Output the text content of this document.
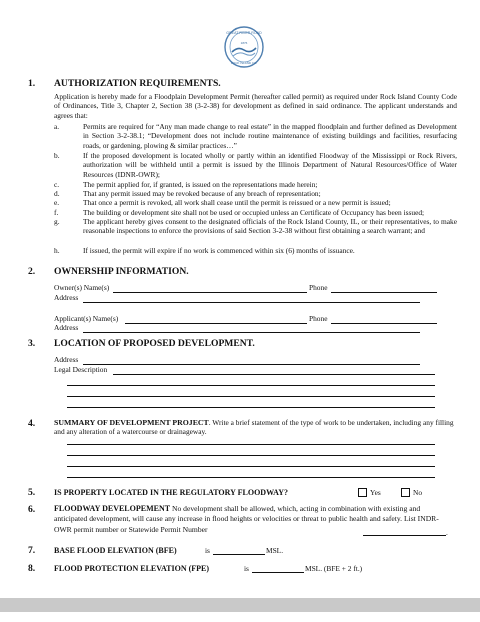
GREAT RIVER ROAD
1876
ROCK ISLAND CO.
1. AUTHORIZATION REQUIREMENTS.
Application is hereby made for a Floodplain Development Permit (hereafter called permit) as required under Rock Island County Code of Ordinances, Title 3, Chapter 2, Section 38 (3-2-38) for development as defined in said ordinance. The applicant understands and agrees that:
a.	Permits are required for “Any man made change to real estate” in the mapped floodplain and further defined as Development in Section 3-2-38.1; “Development does not include routine maintenance of existing buildings and facilities, resurfacing roads, or gardening, plowing & similar practices…”
b.	If the proposed development is located wholly or partly within an identified Floodway of the Mississippi or Rock Rivers, authorization will be withheld until a permit is issued by the Illinois Department of Natural Resources/Office of Water Resources (IDNR-OWR);
c.	The permit applied for, if granted, is issued on the representations made herein;
d.	That any permit issued may be revoked because of any breach of representation;
e.	That once a permit is revoked, all work shall cease until the permit is reissued or a new permit is issued;
f.	The building or development site shall not be used or occupied unless an Certificate of Occupancy has been issued;
g.	The applicant hereby gives consent to the designated officials of the Rock Island County, IL, or their representatives, to make reasonable inspections to enforce the provisions of said Section 3-2-38 without first obtaining a search warrant; and
h.	If issued, the permit will expire if no work is commenced within six (6) months of issuance.
2. OWNERSHIP INFORMATION.
Owner(s) Name(s)	Phone
Address
Applicant(s) Name(s)	Phone
Address
3. LOCATION OF PROPOSED DEVELOPMENT.
Address
Legal Description
4. SUMMARY OF DEVELOPMENT PROJECT. Write a brief statement of the type of work to be undertaken, including any filling and any alteration of a watercourse or drainageway.
5. IS PROPERTY LOCATED IN THE REGULATORY FLOODWAY?	Yes	No
6. FLOODWAY DEVELOPEMENT No development shall be allowed, which, acting in combination with existing and anticipated development, will cause any increase in flood heights or velocities or threat to public health and safety. List INDR-OWR permit number or Statewide Permit Number	.
7. BASE FLOOD ELEVATION (BFE)	is	MSL.
8. FLOOD PROTECTION ELEVATION (FPE)	is	MSL. (BFE + 2 ft.)
